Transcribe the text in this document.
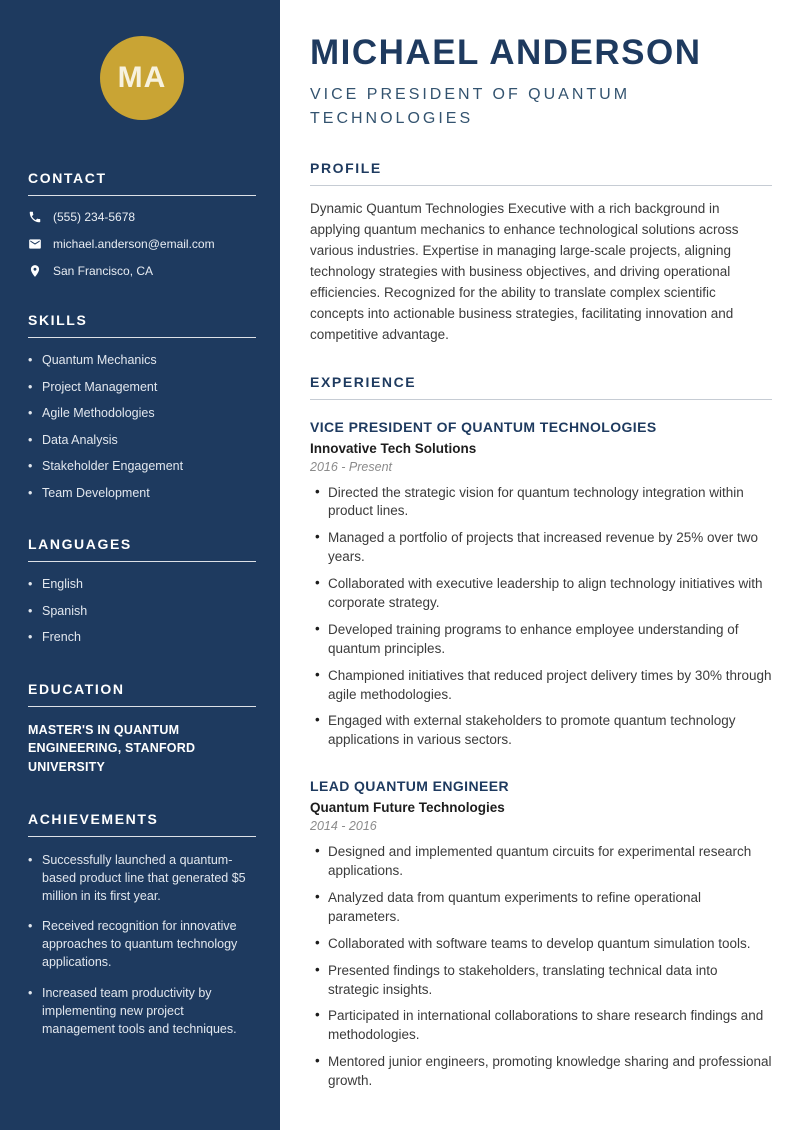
MA
CONTACT
(555) 234-5678
michael.anderson@email.com
San Francisco, CA
SKILLS
• Quantum Mechanics
• Project Management
• Agile Methodologies
• Data Analysis
• Stakeholder Engagement
• Team Development
LANGUAGES
• English
• Spanish
• French
EDUCATION

MASTER'S IN QUANTUM ENGINEERING, STANFORD UNIVERSITY

ACHIEVEMENTS
• Successfully launched a quantum-based product line that generated $5 million in its first year.
• Received recognition for innovative approaches to quantum technology applications.
• Increased team productivity by implementing new project management tools and techniques.
MICHAEL ANDERSON
VICE PRESIDENT OF QUANTUM TECHNOLOGIES
PROFILE

Dynamic Quantum Technologies Executive with a rich background in applying quantum mechanics to enhance technological solutions across various industries. Expertise in managing large-scale projects, aligning technology strategies with business objectives, and driving operational efficiencies. Recognized for the ability to translate complex scientific concepts into actionable business strategies, facilitating innovation and competitive advantage.

EXPERIENCE
VICE PRESIDENT OF QUANTUM TECHNOLOGIES
Innovative Tech Solutions
2016 - Present
• Directed the strategic vision for quantum technology integration within product lines.
• Managed a portfolio of projects that increased revenue by 25% over two years.
• Collaborated with executive leadership to align technology initiatives with corporate strategy.
• Developed training programs to enhance employee understanding of quantum principles.
• Championed initiatives that reduced project delivery times by 30% through agile methodologies.
• Engaged with external stakeholders to promote quantum technology applications in various sectors.
LEAD QUANTUM ENGINEER
Quantum Future Technologies
2014 - 2016
• Designed and implemented quantum circuits for experimental research applications.
• Analyzed data from quantum experiments to refine operational parameters.
• Collaborated with software teams to develop quantum simulation tools.
• Presented findings to stakeholders, translating technical data into strategic insights.
• Participated in international collaborations to share research findings and methodologies.
• Mentored junior engineers, promoting knowledge sharing and professional growth.
